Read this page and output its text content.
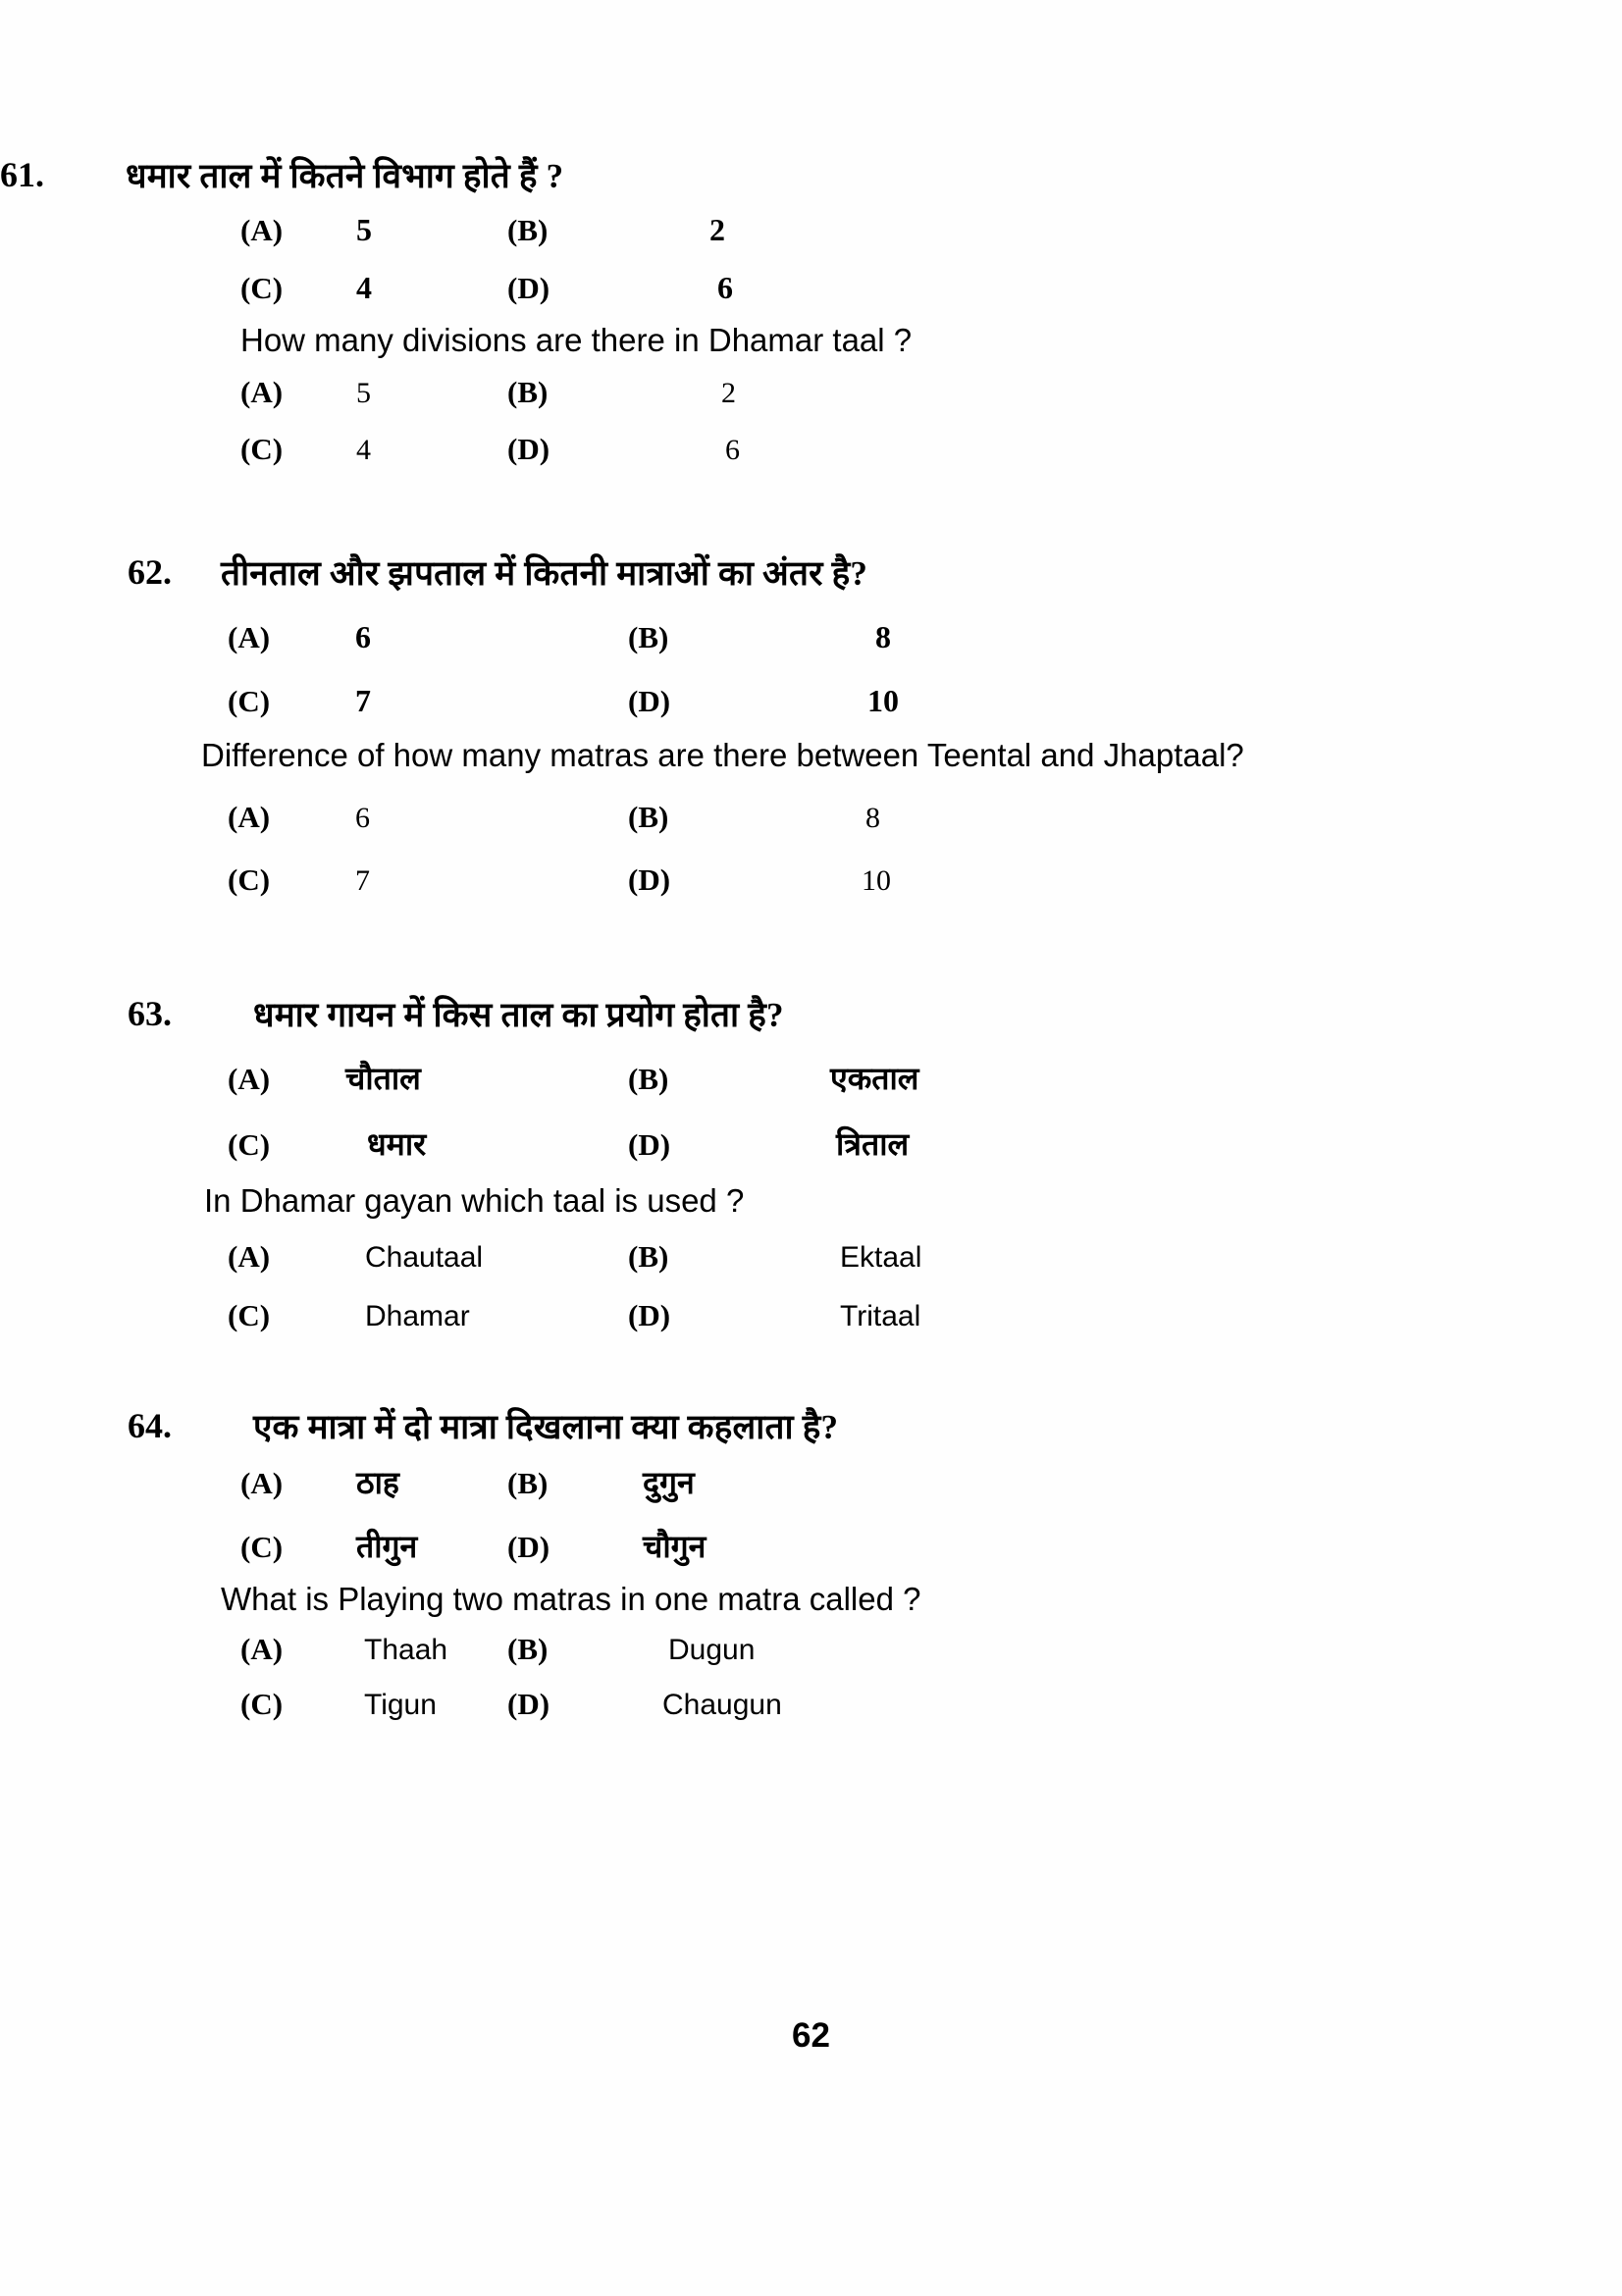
61.	धमार ताल में कितने विभाग होते हैं ?
(A)	5	(B)	2
(C)	4	(D)	6
How many divisions are there in Dhamar taal ?
(A)	5	(B)	2
(C)	4	(D)	6
62.	तीनताल और झपताल में कितनी मात्राओं का अंतर है?
(A)	6	(B)	8
(C)	7	(D)	10
Difference of how many matras are there between Teental and Jhaptaal?
(A)	6	(B)	8
(C)	7	(D)	10
63.	धमार गायन में किस ताल का प्रयोग होता है?
(A)	चौताल	(B)	एकताल
(C)	धमार	(D)	त्रिताल
In Dhamar gayan which taal is used ?
(A)	Chautaal	(B)	Ektaal
(C)	Dhamar	(D)	Tritaal
64.	एक मात्रा में दो मात्रा दिखलाना क्या कहलाता है?
(A)	ठाह	(B)	दुगुन
(C)	तीगुन	(D)	चौगुन
What is Playing two matras in one matra called ?
(A)	Thaah (B)	Dugun
(C)	Tigun (D)	Chaugun
62
